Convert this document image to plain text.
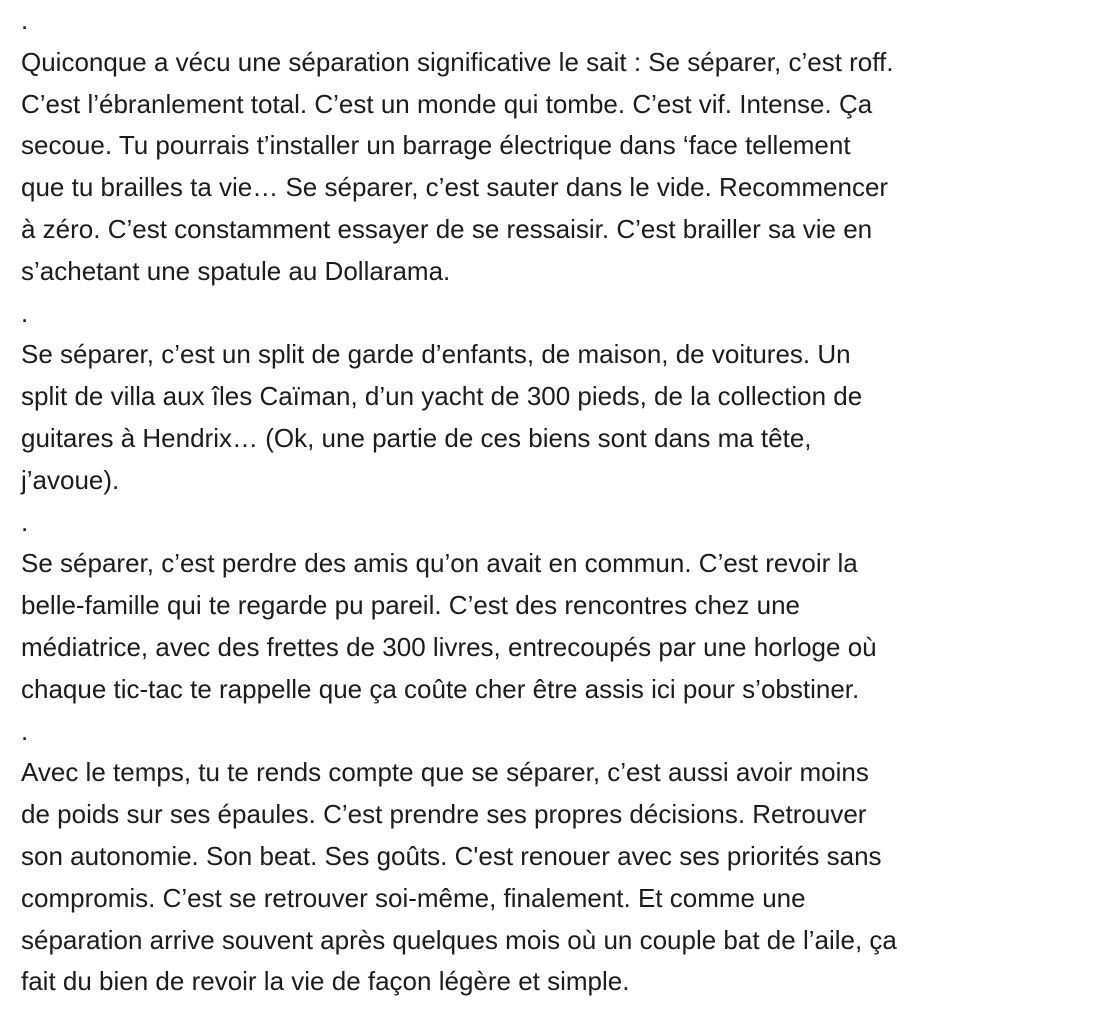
.

Quiconque a vécu une séparation significative le sait : Se séparer, c’est roff.
C’est l’ébranlement total. C’est un monde qui tombe. C’est vif. Intense. Ça
secoue. Tu pourrais t’installer un barrage électrique dans ‘face tellement
que tu brailles ta vie… Se séparer, c’est sauter dans le vide. Recommencer
à zéro. C’est constamment essayer de se ressaisir. C’est brailler sa vie en
s’achetant une spatule au Dollarama.

.

Se séparer, c’est un split de garde d’enfants, de maison, de voitures. Un
split de villa aux îles Caïman, d’un yacht de 300 pieds, de la collection de
guitares à Hendrix… (Ok, une partie de ces biens sont dans ma tête,
j’avoue).

.

Se séparer, c’est perdre des amis qu’on avait en commun. C’est revoir la
belle-famille qui te regarde pu pareil. C’est des rencontres chez une
médiatrice, avec des frettes de 300 livres, entrecoupés par une horloge où
chaque tic-tac te rappelle que ça coûte cher être assis ici pour s’obstiner.

.

Avec le temps, tu te rends compte que se séparer, c’est aussi avoir moins
de poids sur ses épaules. C’est prendre ses propres décisions. Retrouver
son autonomie. Son beat. Ses goûts. C'est renouer avec ses priorités sans
compromis. C’est se retrouver soi-même, finalement. Et comme une
séparation arrive souvent après quelques mois où un couple bat de l’aile, ça
fait du bien de revoir la vie de façon légère et simple.
